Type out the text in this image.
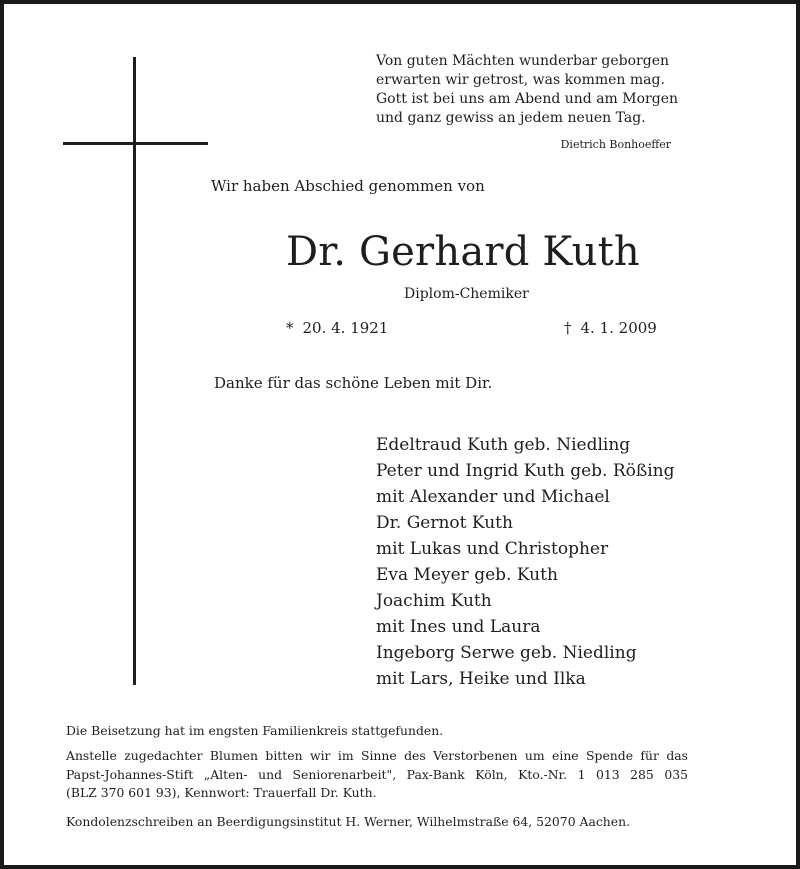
Von guten Mächten wunderbar geborgen
erwarten wir getrost, was kommen mag.
Gott ist bei uns am Abend und am Morgen
und ganz gewiss an jedem neuen Tag.
Dietrich Bonhoeffer
Wir haben Abschied genommen von
Dr. Gerhard Kuth
Diplom-Chemiker
* 20. 4. 1921	† 4. 1. 2009
Danke für das schöne Leben mit Dir.
Edeltraud Kuth geb. Niedling
Peter und Ingrid Kuth geb. Rößing
mit Alexander und Michael
Dr. Gernot Kuth
mit Lukas und Christopher
Eva Meyer geb. Kuth
Joachim Kuth
mit Ines und Laura
Ingeborg Serwe geb. Niedling
mit Lars, Heike und Ilka
Die Beisetzung hat im engsten Familienkreis stattgefunden.
Anstelle zugedachter Blumen bitten wir im Sinne des Verstorbenen um eine Spende für das
Papst-Johannes-Stift „Alten- und Seniorenarbeit", Pax-Bank Köln, Kto.-Nr. 1 013 285 035
(BLZ 370 601 93), Kennwort: Trauerfall Dr. Kuth.
Kondolenzschreiben an Beerdigungsinstitut H. Werner, Wilhelmstraße 64, 52070 Aachen.
